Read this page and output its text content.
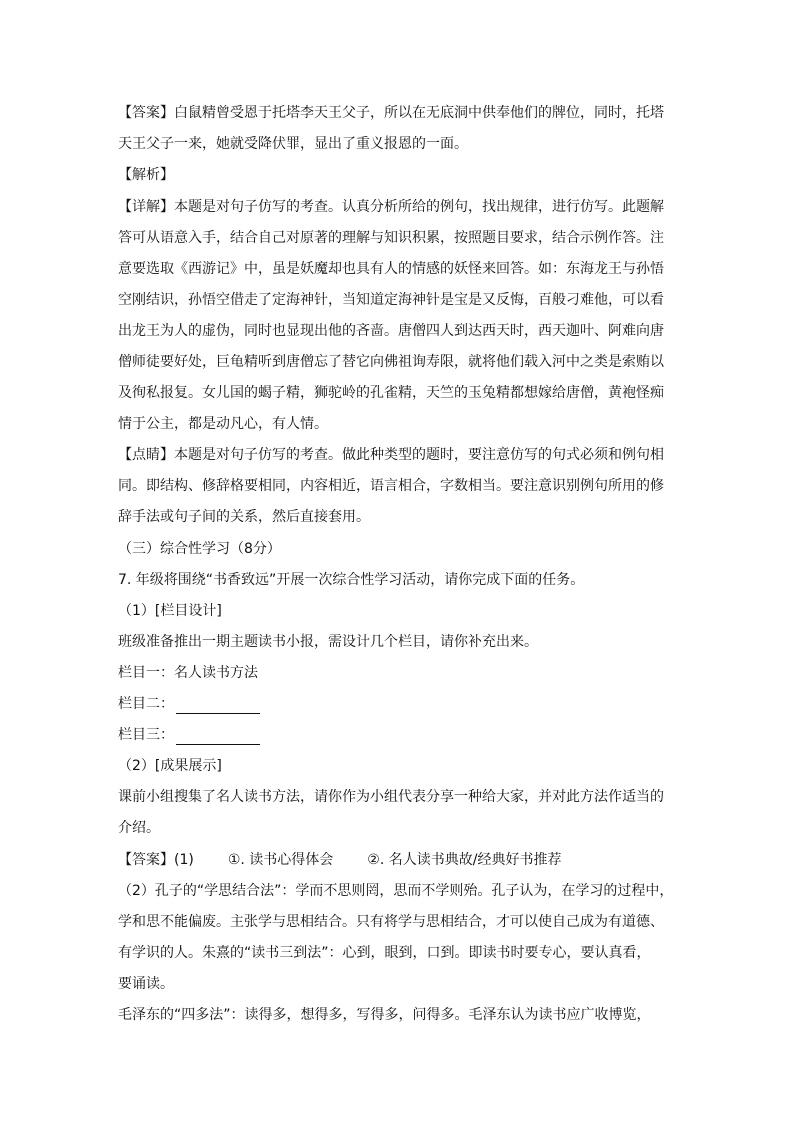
【答案】白鼠精曾受恩于托塔李天王父子，所以在无底洞中供奉他们的牌位，同时，托塔
天王父子一来，她就受降伏罪，显出了重义报恩的一面。
【解析】
【详解】本题是对句子仿写的考查。认真分析所给的例句，找出规律，进行仿写。此题解
答可从语意入手，结合自己对原著的理解与知识积累，按照题目要求，结合示例作答。注
意要选取《西游记》中，虽是妖魔却也具有人的情感的妖怪来回答。如：东海龙王与孙悟
空刚结识，孙悟空借走了定海神针，当知道定海神针是宝是又反悔，百般刁难他，可以看
出龙王为人的虚伪，同时也显现出他的吝啬。唐僧四人到达西天时，西天迦叶、阿难向唐
僧师徒要好处，巨龟精听到唐僧忘了替它向佛祖询寿限，就将他们载入河中之类是索贿以
及徇私报复。女儿国的蝎子精，狮驼岭的孔雀精，天竺的玉兔精都想嫁给唐僧，黄袍怪痴
情于公主，都是动凡心，有人情。
【点睛】本题是对句子仿写的考查。做此种类型的题时，要注意仿写的句式必须和例句相
同。即结构、修辞格要相同，内容相近，语言相合，字数相当。要注意识别例句所用的修
辞手法或句子间的关系，然后直接套用。
（三）综合性学习（8分）
7. 年级将围绕“书香致远”开展一次综合性学习活动，请你完成下面的任务。
（1）[栏目设计]
班级准备推出一期主题读书小报，需设计几个栏目，请你补充出来。
栏目一：名人读书方法
栏目二：
栏目三：
（2）[成果展示]
课前小组搜集了名人读书方法，请你作为小组代表分享一种给大家，并对此方法作适当的
介绍。
【答案】(1) ①. 读书心得体会 ②. 名人读书典故/经典好书推荐
（2）孔子的“学思结合法”：学而不思则罔，思而不学则殆。孔子认为，在学习的过程中，
学和思不能偏废。主张学与思相结合。只有将学与思相结合，才可以使自己成为有道德、
有学识的人。朱熹的“读书三到法”：心到，眼到，口到。即读书时要专心，要认真看，
要诵读。
毛泽东的“四多法”：读得多，想得多，写得多，问得多。毛泽东认为读书应广收博览，
